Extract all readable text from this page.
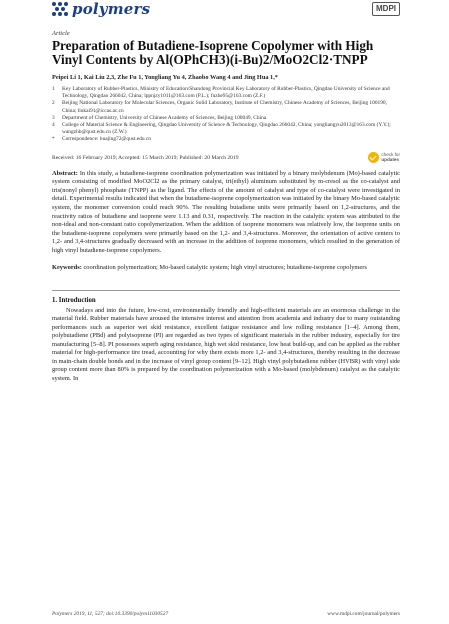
polymers	MDPI
Article
Preparation of Butadiene-Isoprene Copolymer with High Vinyl Contents by Al(OPhCH3)(i-Bu)2/MoO2Cl2·TNPP
Peipei Li 1, Kai Liu 2,3, Zhe Fu 1, Yongliang Yu 4, Zhaobo Wang 4 and Jing Hua 1,*
1	Key Laboratory of Rubber-Plastics, Ministry of Education/Shandong Provincial Key Laboratory of Rubber-Plastics, Qingdao University of Science and Technology, Qingdao 266042, China; lppnjzy1011@163.com (P.L.); fuzhe95@163.com (Z.F.)
2	Beijing National Laboratory for Molecular Sciences, Organic Solid Laboratory, Institute of Chemistry, Chinese Academy of Sciences, Beijing 100190, China; liukai91@iccas.ac.cn
3	Department of Chemistry, University of Chinese Academy of Sciences, Beijing 100049, China
4	College of Material Science & Engineering, Qingdao University of Science & Technology, Qingdao 266042, China; yongliangyu2013@163.com (Y.Y.); wangzhb@qust.edu.cn (Z.W.)
*	Correspondence: huajing72@qust.edu.cn
Received: 16 February 2019; Accepted: 15 March 2019; Published: 20 March 2019	check for
updates
Abstract: In this study, a butadiene-isoprene coordination polymerization was initiated by a binary molybdenum (Mo)-based catalytic system consisting of modified MoO2Cl2 as the primary catalyst, tri(ethyl) aluminum substituted by m-cresol as the co-catalyst and tris(nonyl phenyl) phosphate (TNPP) as the ligand. The effects of the amount of catalyst and type of co-catalyst were investigated in detail. Experimental results indicated that when the butadiene-isoprene copolymerization was initiated by the binary Mo-based catalytic system, the monomer conversion could reach 90%. The resulting butadiene units were primarily based on 1,2-structures, and the reactivity ratios of butadiene and isoprene were 1.13 and 0.31, respectively. The reaction in the catalytic system was attributed to the non-ideal and non-constant ratio copolymerization. When the addition of isoprene monomers was relatively low, the isoprene units on the butadiene-isoprene copolymers were primarily based on the 1,2- and 3,4-structures. Moreover, the orientation of active centers to 1,2- and 3,4-structures gradually decreased with an increase in the addition of isoprene monomers, which resulted in the generation of high vinyl butadiene-isoprene copolymers.
Keywords: coordination polymerization; Mo-based catalytic system; high vinyl structures; butadiene-isoprene copolymers
1. Introduction
Nowadays and into the future, low-cost, environmentally friendly and high-efficient materials are an enormous challenge in the material field. Rubber materials have aroused the intensive interest and attention from academia and industry due to many outstanding performances such as superior wet skid resistance, excellent fatigue resistance and low rolling resistance [1–4]. Among them, polybutadiene (PBd) and polyisoprene (PI) are regarded as two types of significant materials in the rubber industry, especially for tire manufacturing [5–8]. PI possesses superb aging resistance, high wet skid resistance, low heat build-up, and can be applied as the rubber material for high-performance tire tread, accounting for why there exists more 1,2- and 3,4-structures, thereby resulting in the decrease in main-chain double bonds and in the increase of vinyl group content [9–12]. High vinyl polybutadiene rubber (HVBR) with vinyl side group content more than 80% is prepared by the coordination polymerization with a Mo-based (molybdenum) catalyst as the catalytic system. In
Polymers 2019, 11, 527; doi:10.3390/polym11030527	www.mdpi.com/journal/polymers
